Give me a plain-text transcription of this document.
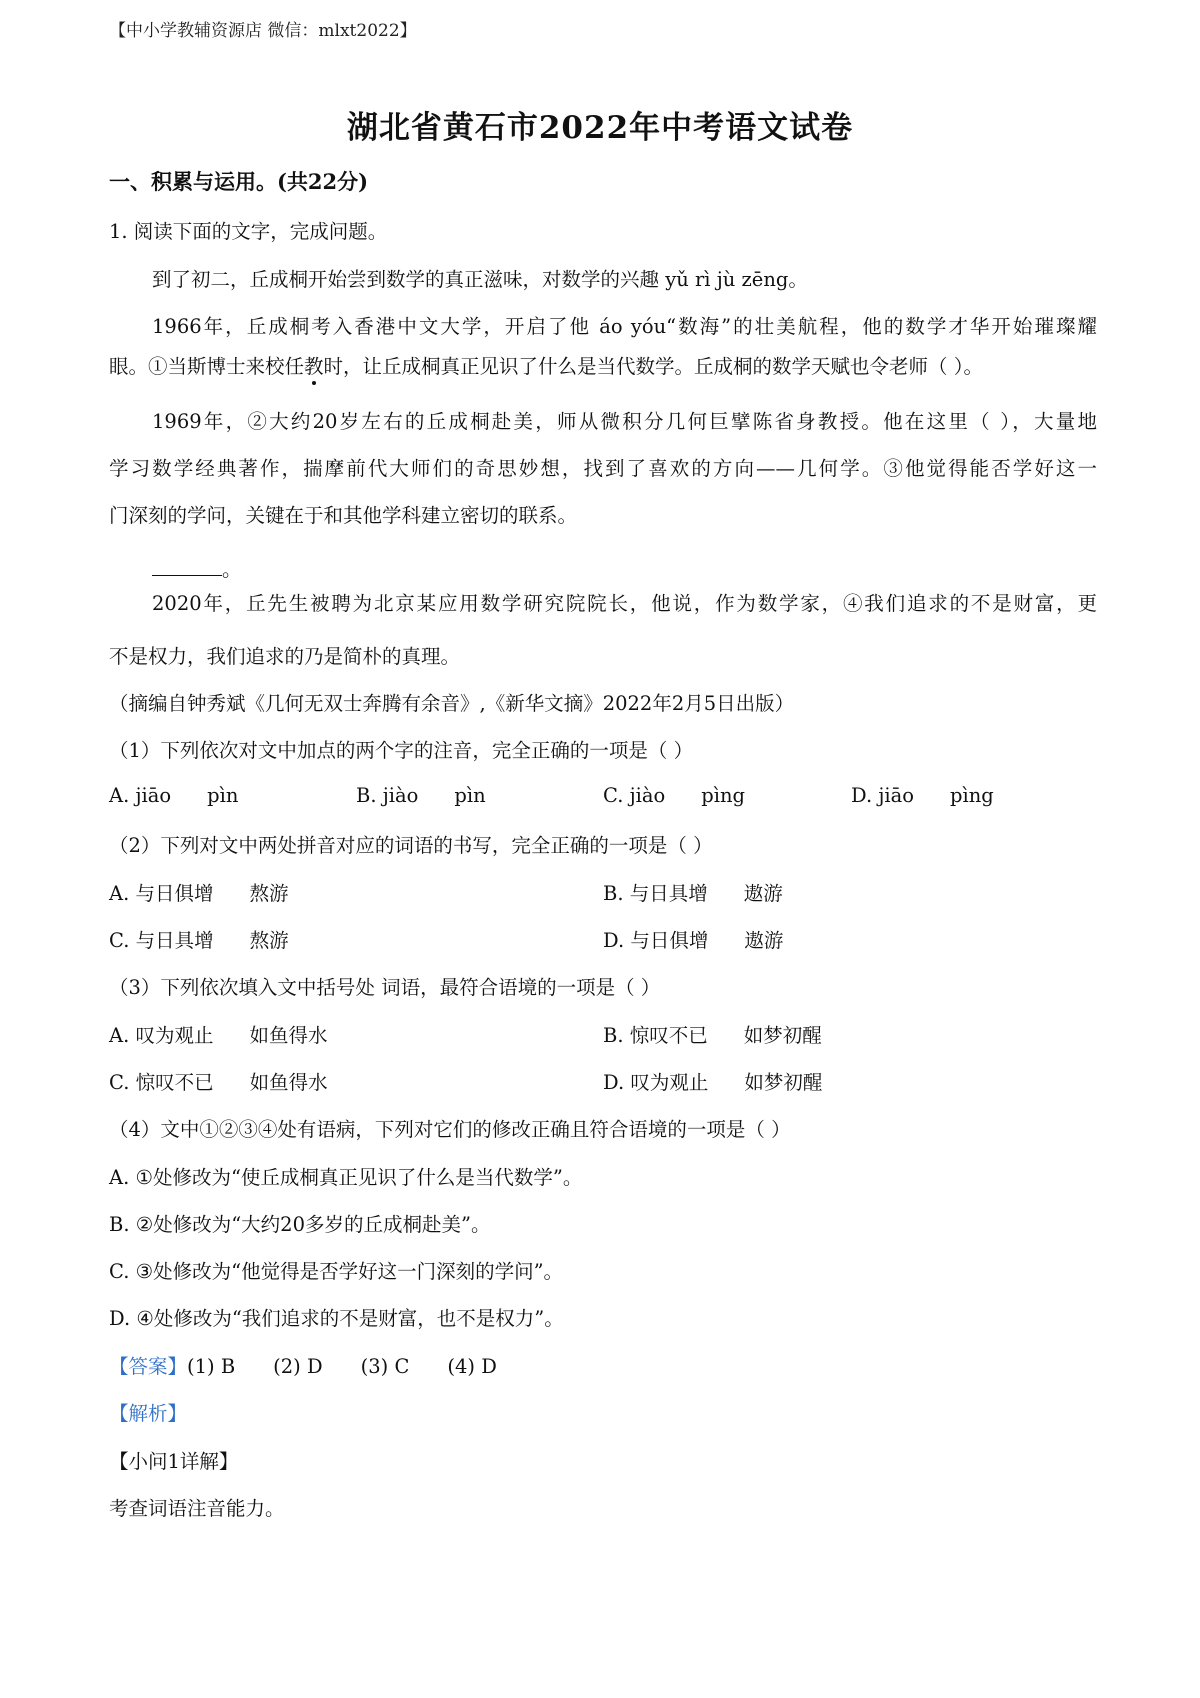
【中小学教辅资源店 微信：mlxt2022】
湖北省黄石市2022年中考语文试卷
一、积累与运用。(共22分)
1. 阅读下面的文字，完成问题。
到了初二，丘成桐开始尝到数学的真正滋味，对数学的兴趣 yǔ rì jù zēng。
1966年，丘成桐考入香港中文大学，开启了他 áo yóu“数海”的壮美航程，他的数学才华开始璀璨耀
眼。①当斯博士来校任教时，让丘成桐真正见识了什么是当代数学。丘成桐的数学天赋也令老师（ ）。
1969年，②大约20岁左右的丘成桐赴美，师从微积分几何巨擘陈省身教授。他在这里（ ），大量地
学习数学经典著作，揣摩前代大师们的奇思妙想，找到了喜欢的方向——几何学。③他觉得能否学好这一
门深刻的学问，关键在于和其他学科建立密切的联系。
。
2020年，丘先生被聘为北京某应用数学研究院院长，他说，作为数学家，④我们追求的不是财富，更
不是权力，我们追求的乃是简朴的真理。
（摘编自钟秀斌《几何无双士奔腾有余音》,《新华文摘》2022年2月5日出版）
（1）下列依次对文中加点的两个字的注音，完全正确的一项是（ ）
A. jiāo pìn	B. jiào pìn	C. jiào pìng	D. jiāo pìng
（2）下列对文中两处拼音对应的词语的书写，完全正确的一项是（ ）
A. 与日俱增 熬游	B. 与日具增 遨游
C. 与日具增 熬游	D. 与日俱增 遨游
（3）下列依次填入文中括号处 词语，最符合语境的一项是（ ）
A. 叹为观止 如鱼得水	B. 惊叹不已 如梦初醒
C. 惊叹不已 如鱼得水	D. 叹为观止 如梦初醒
（4）文中①②③④处有语病，下列对它们的修改正确且符合语境的一项是（ ）
A. ①处修改为“使丘成桐真正见识了什么是当代数学”。
B. ②处修改为“大约20多岁的丘成桐赴美”。
C. ③处修改为“他觉得是否学好这一门深刻的学问”。
D. ④处修改为“我们追求的不是财富，也不是权力”。
【答案】(1) B (2) D (3) C (4) D
【解析】
【小问1详解】
考查词语注音能力。
